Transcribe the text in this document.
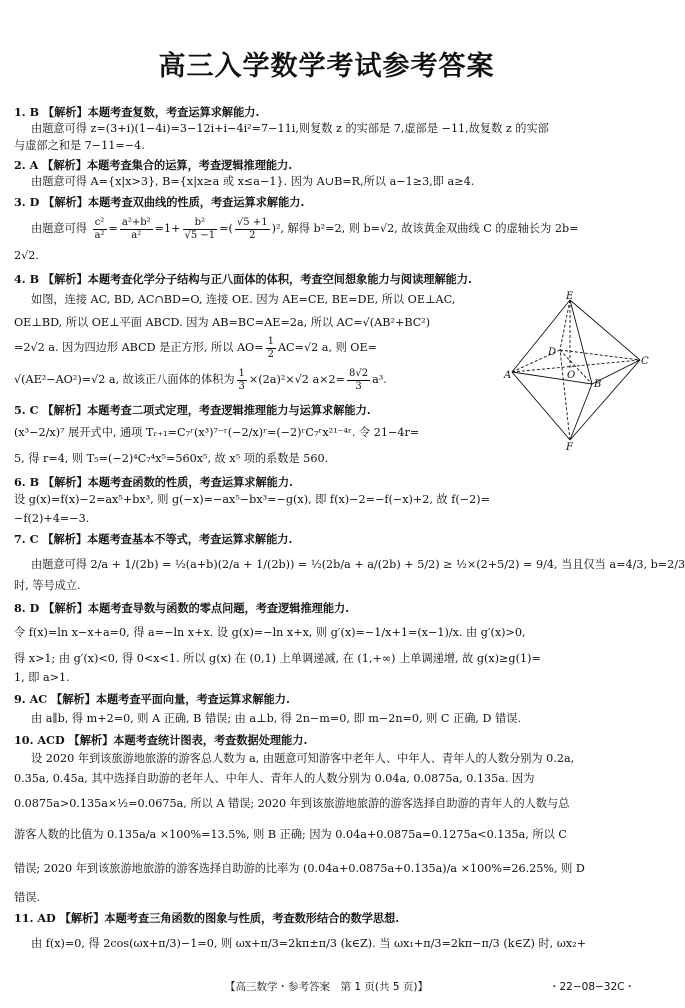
高三入学数学考试参考答案
1. B 【解析】本题考查复数，考查运算求解能力.
由题意可得 z=(3+i)(1−4i)=3−12i+i−4i²=7−11i,则复数 z 的实部是 7,虚部是 −11,故复数 z 的实部
与虚部之和是 7−11=−4.
2. A 【解析】本题考查集合的运算，考查逻辑推理能力.
由题意可得 A={x|x>3}, B={x|x≥a 或 x≤a−1}. 因为 A∪B=R,所以 a−1≥3,即 a≥4.
3. D 【解析】本题考查双曲线的性质，考查运算求解能力.
由题意可得 $\frac{\text{c²}}{\text{a²}} = \frac{\text{a²+b²}}{\text{a²}} =1+ \frac{\text{b²}}{√5 -1}$ =( $\frac{√5 +1}{2} )^2$, 解得 b²=2, 则 b=√2, 故该黄金双曲线 C 的虚轴长为 2b=
2√2.
4. B 【解析】本题考查化学分子结构与正八面体的体积，考查空间想象能力与阅读理解能力.
如图，连接 AC, BD, AC∩BD=O, 连接 OE. 因为 AE=CE, BE=DE, 所以 OE⊥AC,
OE⊥BD, 所以 OE⊥平面 ABCD. 因为 AB=BC=AE=2a, 所以 AC=√(AB²+BC²)
=2√2 a. 因为四边形 ABCD 是正方形, 所以 $AO= \frac{1}{2} AC=√2$ a, 则 OE=
√(AE²−AO²)=√2 a, 故该正八面体的体积为 $\frac{1}{3} \times(2a)^2\times√2$ $a\times 2= \frac{8√2}{3} a^3$.
E
D
O
C
A
B
F
5. C 【解析】本题考查二项式定理，考查逻辑推理能力与运算求解能力.
(x³−2/x)⁷ 展开式中, 通项 Tᵣ₊₁=C₇ʳ(x³)⁷⁻ʳ(−2/x)ʳ=(−2)ʳC₇ʳx²¹⁻⁴ʳ. 令 21−4r=
5, 得 r=4, 则 T₅=(−2)⁴C₇⁴x⁵=560x⁵, 故 x⁵ 项的系数是 560.
6. B 【解析】本题考查函数的性质，考查运算求解能力.
设 g(x)=f(x)−2=ax⁵+bx³, 则 g(−x)=−ax⁵−bx³=−g(x), 即 f(x)−2=−f(−x)+2, 故 f(−2)=
−f(2)+4=−3.
7. C 【解析】本题考查基本不等式，考查运算求解能力.
由题意可得 2/a + 1/(2b) = ½(a+b)(2/a + 1/(2b)) = ½(2b/a + a/(2b) + 5/2) ≥ ½×(2+5/2) = 9/4, 当且仅当 a=4/3, b=2/3
时, 等号成立.
8. D 【解析】本题考查导数与函数的零点问题，考查逻辑推理能力.
令 f(x)=ln x−x+a=0, 得 a=−ln x+x. 设 g(x)=−ln x+x, 则 g′(x)=−1/x+1=(x−1)/x. 由 g′(x)>0,
得 x>1; 由 g′(x)<0, 得 0<x<1. 所以 g(x) 在 (0,1) 上单调递减, 在 (1,+∞) 上单调递增, 故 g(x)≥g(1)=
1, 即 a>1.
9. AC 【解析】本题考查平面向量，考查运算求解能力.
由 a∥b, 得 m+2=0, 则 A 正确, B 错误; 由 a⊥b, 得 2n−m=0, 即 m−2n=0, 则 C 正确, D 错误.
10. ACD 【解析】本题考查统计图表，考查数据处理能力.
设 2020 年到该旅游地旅游的游客总人数为 a, 由题意可知游客中老年人、中年人、青年人的人数分别为 0.2a,
0.35a, 0.45a, 其中选择自助游的老年人、中年人、青年人的人数分别为 0.04a, 0.0875a, 0.135a. 因为
0.0875a>0.135a×½=0.0675a, 所以 A 错误; 2020 年到该旅游地旅游的游客选择自助游的青年人的人数与总
游客人数的比值为 0.135a/a ×100%=13.5%, 则 B 正确; 因为 0.04a+0.0875a=0.1275a<0.135a, 所以 C
错误; 2020 年到该旅游地旅游的游客选择自助游的比率为 (0.04a+0.0875a+0.135a)/a ×100%=26.25%, 则 D
错误.
11. AD 【解析】本题考查三角函数的图象与性质，考查数形结合的数学思想.
由 f(x)=0, 得 2cos(ωx+π/3)−1=0, 则 ωx+π/3=2kπ±π/3 (k∈Z). 当 ωx₁+π/3=2kπ−π/3 (k∈Z) 时, ωx₂+
【高三数学・参考答案　第 1 页(共 5 页)】	・22−08−32C・
